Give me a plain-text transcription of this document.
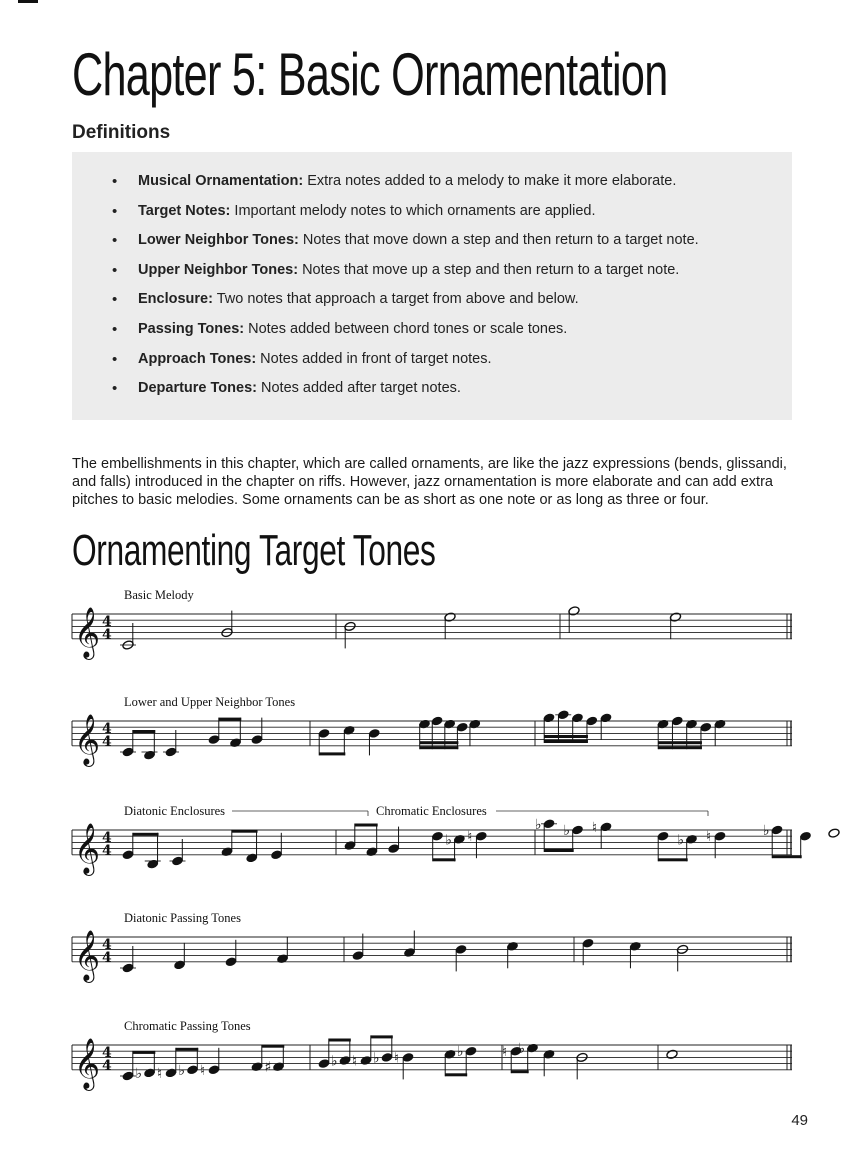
Chapter 5: Basic Ornamentation
Definitions
• Musical Ornamentation: Extra notes added to a melody to make it more elaborate.
• Target Notes: Important melody notes to which ornaments are applied.
• Lower Neighbor Tones: Notes that move down a step and then return to a target note.
• Upper Neighbor Tones: Notes that move up a step and then return to a target note.
• Enclosure: Two notes that approach a target from above and below.
• Passing Tones: Notes added between chord tones or scale tones.
• Approach Tones: Notes added in front of target notes.
• Departure Tones: Notes added after target notes.

The embellishments in this chapter, which are called ornaments, are like the jazz expressions (bends, glissandi, and falls) introduced in the chapter on riffs. However, jazz ornamentation is more elaborate and can add extra pitches to basic melodies. Some ornaments can be as short as one note or as long as three or four.

Ornamenting Target Tones
𝄞 4
4
Basic Melody
𝄞 4
4
Lower and Upper Neighbor Tones
𝄞 4
4
Diatonic Enclosures	Chromatic Enclosures
♭ ♮
♭ ♭ ♮
♭ ♮	♭
𝄞 4
4
Diatonic Passing Tones
𝄞 4
4
Chromatic Passing Tones
♭ ♮ ♭ ♮	♯	♭ ♮ ♭ ♮	♭	♮ ♭
49
